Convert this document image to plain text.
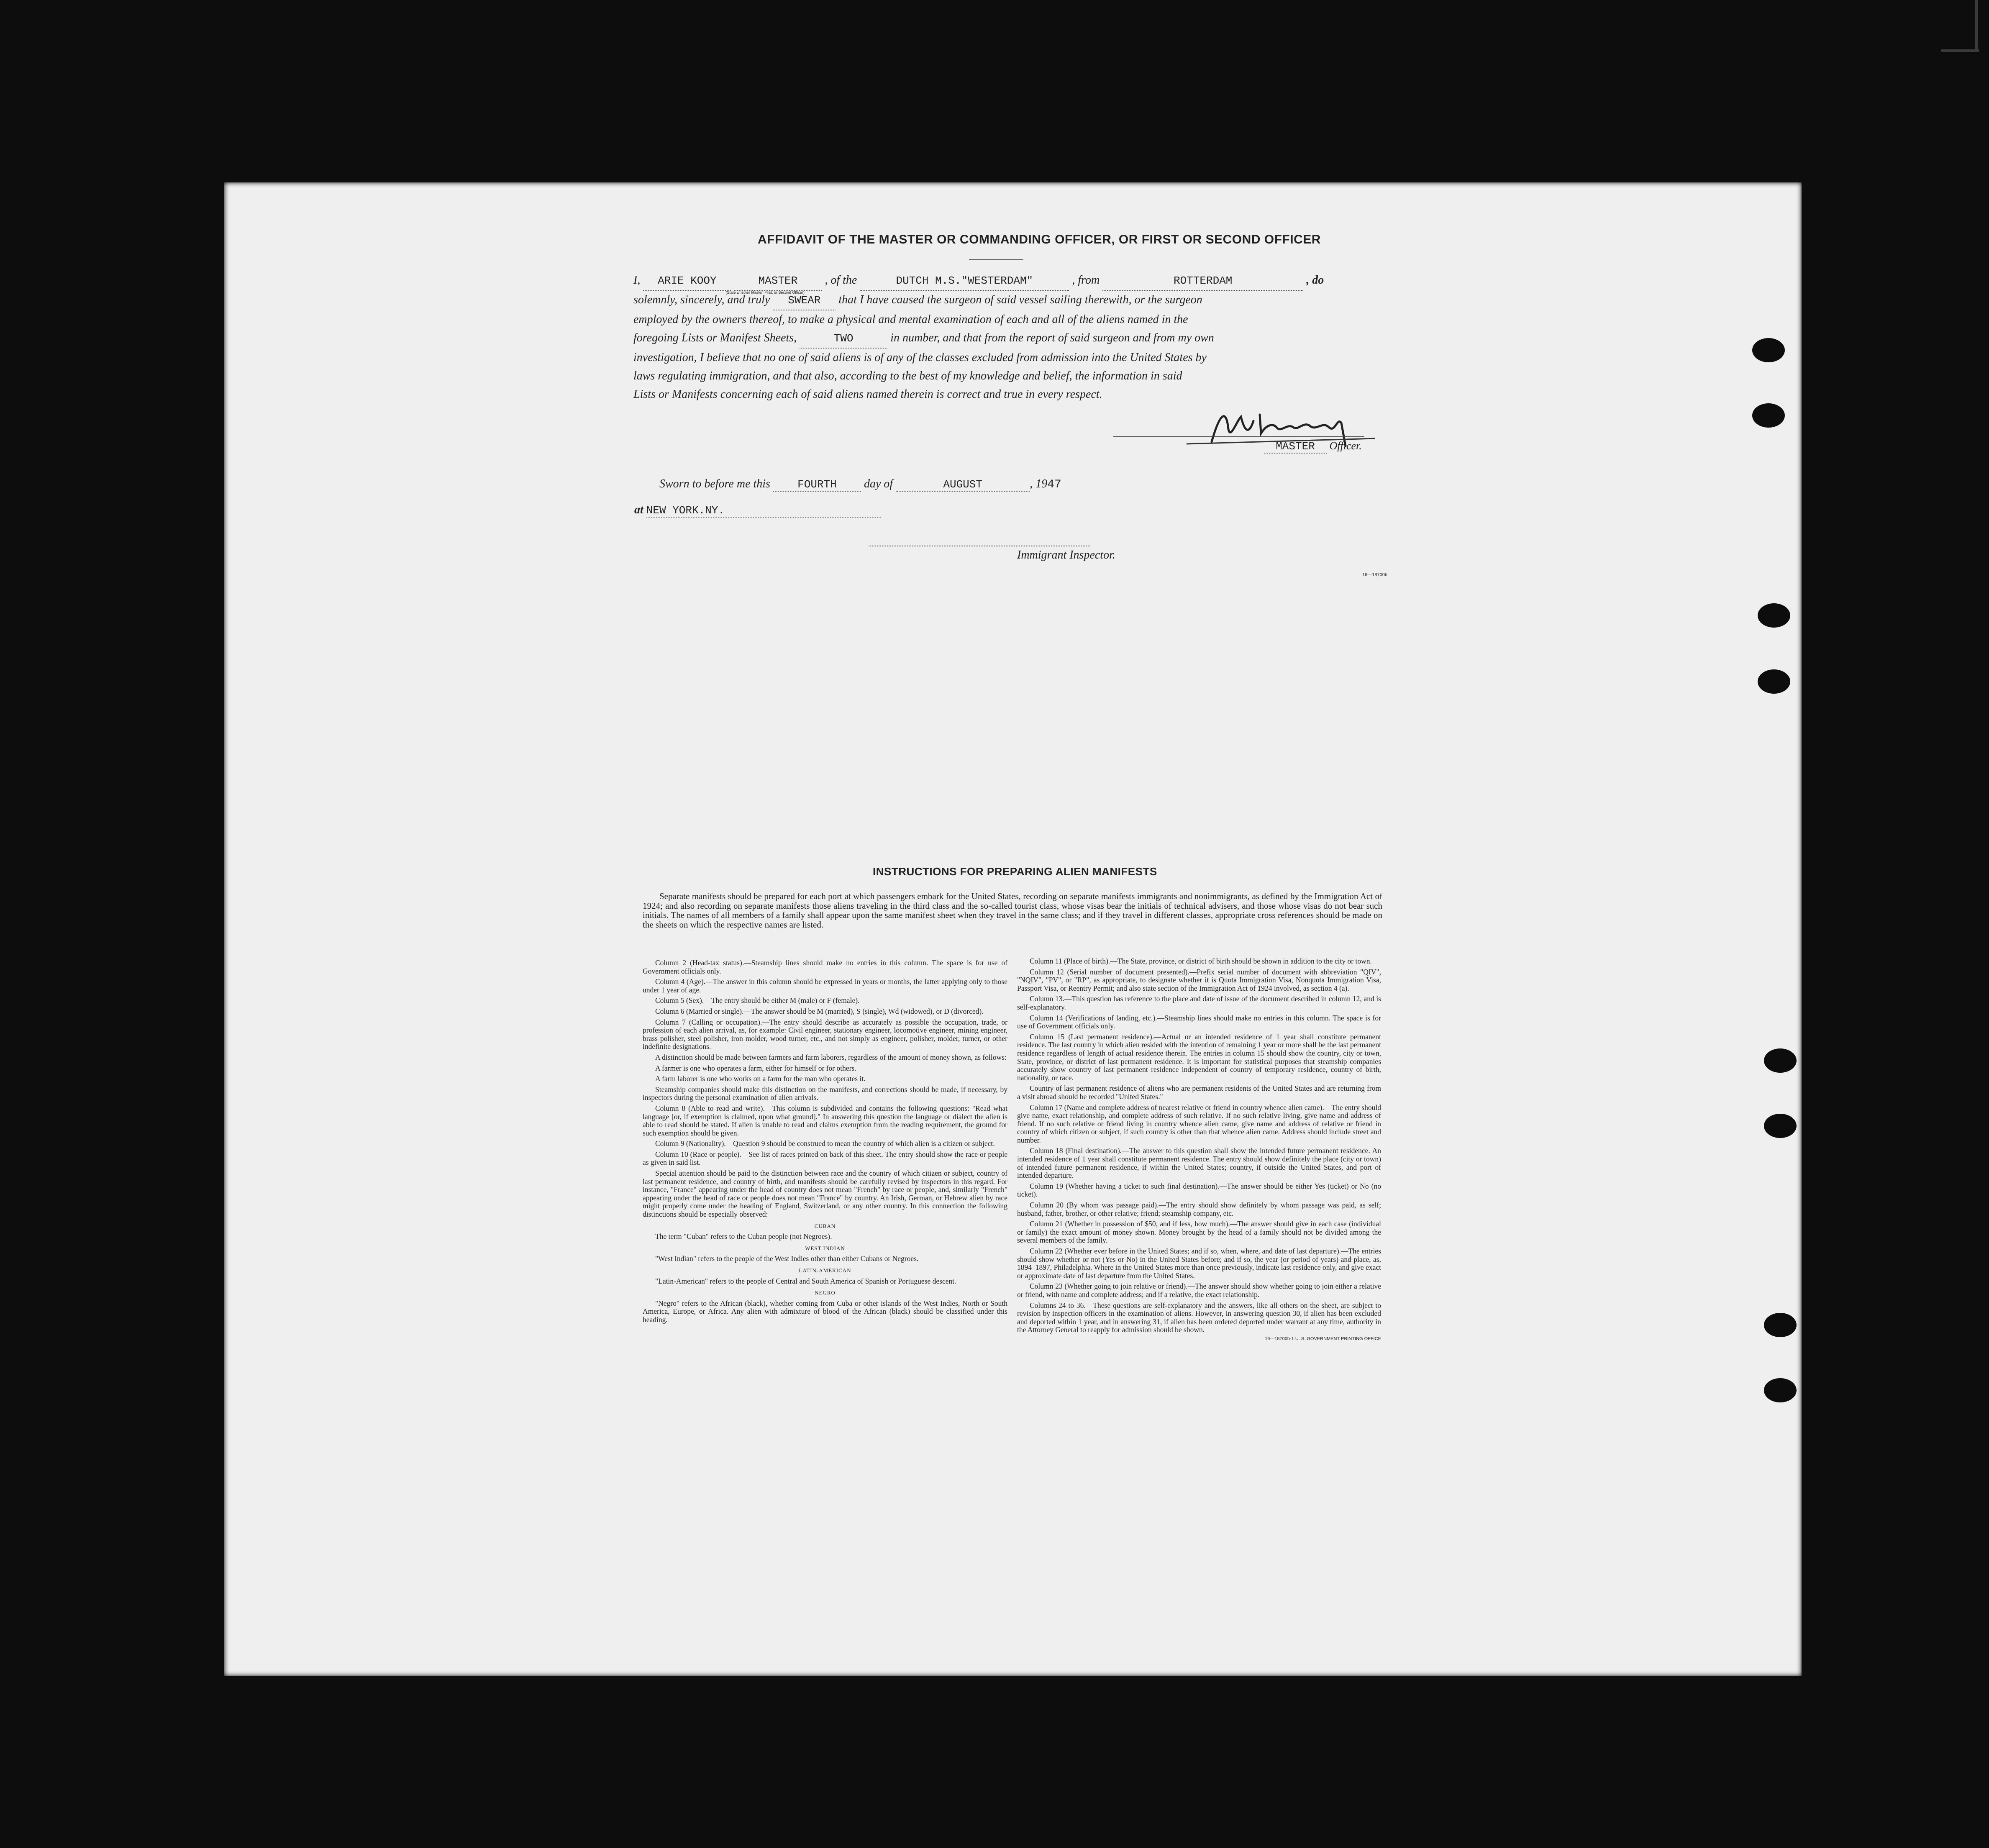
AFFIDAVIT OF THE MASTER OR COMMANDING OFFICER, OR FIRST OR SECOND OFFICER
I, ARIE KOOY	MASTER
(State whether Master, First, or Second Officer)
, of the	DUTCH M.S."WESTERDAM"	, from	ROTTERDAM	, do
solemnly, sincerely, and truly SWEAR that I have caused the surgeon of said vessel sailing therewith, or the surgeon
employed by the owners thereof, to make a physical and mental examination of each and all of the aliens named in the
foregoing Lists or Manifest Sheets,	TWO	in number, and that from the report of said surgeon and from my own
investigation, I believe that no one of said aliens is of any of the classes excluded from admission into the United States by
laws regulating immigration, and that also, according to the best of my knowledge and belief, the information in said
Lists or Manifests concerning each of said aliens named therein is correct and true in every respect.
MASTER Officer.
Sworn to before me this	FOURTH day of	AUGUST	, 1947
at NEW YORK.NY.
Immigrant Inspector.
16—18700b
INSTRUCTIONS FOR PREPARING ALIEN MANIFESTS
Separate manifests should be prepared for each port at which passengers embark for the United States, recording on separate manifests immigrants and nonimmigrants, as defined by the Immigration Act of 1924; and also recording on separate manifests those aliens traveling in the third class and the so-called tourist class, whose visas bear the initials of technical advisers, and those whose visas do not bear such initials. The names of all members of a family shall appear upon the same manifest sheet when they travel in the same class; and if they travel in different classes, appropriate cross references should be made on the sheets on which the respective names are listed.

Column 2 (Head-tax status).—Steamship lines should make no entries in this column. The space is for use of Government officials only.

Column 4 (Age).—The answer in this column should be expressed in years or months, the latter applying only to those under 1 year of age.

Column 5 (Sex).—The entry should be either M (male) or F (female).

Column 6 (Married or single).—The answer should be M (married), S (single), Wd (widowed), or D (divorced).

Column 7 (Calling or occupation).—The entry should describe as accurately as possible the occupation, trade, or profession of each alien arrival, as, for example: Civil engineer, stationary engineer, locomotive engineer, mining engineer, brass polisher, steel polisher, iron molder, wood turner, etc., and not simply as engineer, polisher, molder, turner, or other indefinite designations.

A distinction should be made between farmers and farm laborers, regardless of the amount of money shown, as follows:

A farmer is one who operates a farm, either for himself or for others.

A farm laborer is one who works on a farm for the man who operates it.

Steamship companies should make this distinction on the manifests, and corrections should be made, if necessary, by inspectors during the personal examination of alien arrivals.

Column 8 (Able to read and write).—This column is subdivided and contains the following questions: "Read what language [or, if exemption is claimed, upon what ground]." In answering this question the language or dialect the alien is able to read should be stated. If alien is unable to read and claims exemption from the reading requirement, the ground for such exemption should be given.

Column 9 (Nationality).—Question 9 should be construed to mean the country of which alien is a citizen or subject.

Column 10 (Race or people).—See list of races printed on back of this sheet. The entry should show the race or people as given in said list.

Special attention should be paid to the distinction between race and the country of which citizen or subject, country of last permanent residence, and country of birth, and manifests should be carefully revised by inspectors in this regard. For instance, "France" appearing under the head of country does not mean "French" by race or people, and, similarly "French" appearing under the head of race or people does not mean "France" by country. An Irish, German, or Hebrew alien by race might properly come under the heading of England, Switzerland, or any other country. In this connection the following distinctions should be especially observed:

CUBAN

The term "Cuban" refers to the Cuban people (not Negroes).

WEST INDIAN

"West Indian" refers to the people of the West Indies other than either Cubans or Negroes.

LATIN-AMERICAN

"Latin-American" refers to the people of Central and South America of Spanish or Portuguese descent.

NEGRO

"Negro" refers to the African (black), whether coming from Cuba or other islands of the West Indies, North or South America, Europe, or Africa. Any alien with admixture of blood of the African (black) should be classified under this heading.

Column 11 (Place of birth).—The State, province, or district of birth should be shown in addition to the city or town.

Column 12 (Serial number of document presented).—Prefix serial number of document with abbreviation "QIV", "NQIV", "PV", or "RP", as appropriate, to designate whether it is Quota Immigration Visa, Nonquota Immigration Visa, Passport Visa, or Reentry Permit; and also state section of the Immigration Act of 1924 involved, as section 4 (a).

Column 13.—This question has reference to the place and date of issue of the document described in column 12, and is self-explanatory.

Column 14 (Verifications of landing, etc.).—Steamship lines should make no entries in this column. The space is for use of Government officials only.

Column 15 (Last permanent residence).—Actual or an intended residence of 1 year shall constitute permanent residence. The last country in which alien resided with the intention of remaining 1 year or more shall be the last permanent residence regardless of length of actual residence therein. The entries in column 15 should show the country, city or town, State, province, or district of last permanent residence. It is important for statistical purposes that steamship companies accurately show country of last permanent residence independent of country of temporary residence, country of birth, nationality, or race.

Country of last permanent residence of aliens who are permanent residents of the United States and are returning from a visit abroad should be recorded "United States."

Column 17 (Name and complete address of nearest relative or friend in country whence alien came).—The entry should give name, exact relationship, and complete address of such relative. If no such relative living, give name and address of friend. If no such relative or friend living in country whence alien came, give name and address of relative or friend in country of which citizen or subject, if such country is other than that whence alien came. Address should include street and number.

Column 18 (Final destination).—The answer to this question shall show the intended future permanent residence. An intended residence of 1 year shall constitute permanent residence. The entry should show definitely the place (city or town) of intended future permanent residence, if within the United States; country, if outside the United States, and port of intended departure.

Column 19 (Whether having a ticket to such final destination).—The answer should be either Yes (ticket) or No (no ticket).

Column 20 (By whom was passage paid).—The entry should show definitely by whom passage was paid, as self; husband, father, brother, or other relative; friend; steamship company, etc.

Column 21 (Whether in possession of $50, and if less, how much).—The answer should give in each case (individual or family) the exact amount of money shown. Money brought by the head of a family should not be divided among the several members of the family.

Column 22 (Whether ever before in the United States; and if so, when, where, and date of last departure).—The entries should show whether or not (Yes or No) in the United States before; and if so, the year (or period of years) and place, as, 1894–1897, Philadelphia. Where in the United States more than once previously, indicate last residence only, and give exact or approximate date of last departure from the United States.

Column 23 (Whether going to join relative or friend).—The answer should show whether going to join either a relative or friend, with name and complete address; and if a relative, the exact relationship.

Columns 24 to 36.—These questions are self-explanatory and the answers, like all others on the sheet, are subject to revision by inspection officers in the examination of aliens. However, in answering question 30, if alien has been excluded and deported within 1 year, and in answering 31, if alien has been ordered deported under warrant at any time, authority in the Attorney General to reapply for admission should be shown.

16—18700b-1 U. S. GOVERNMENT PRINTING OFFICE
